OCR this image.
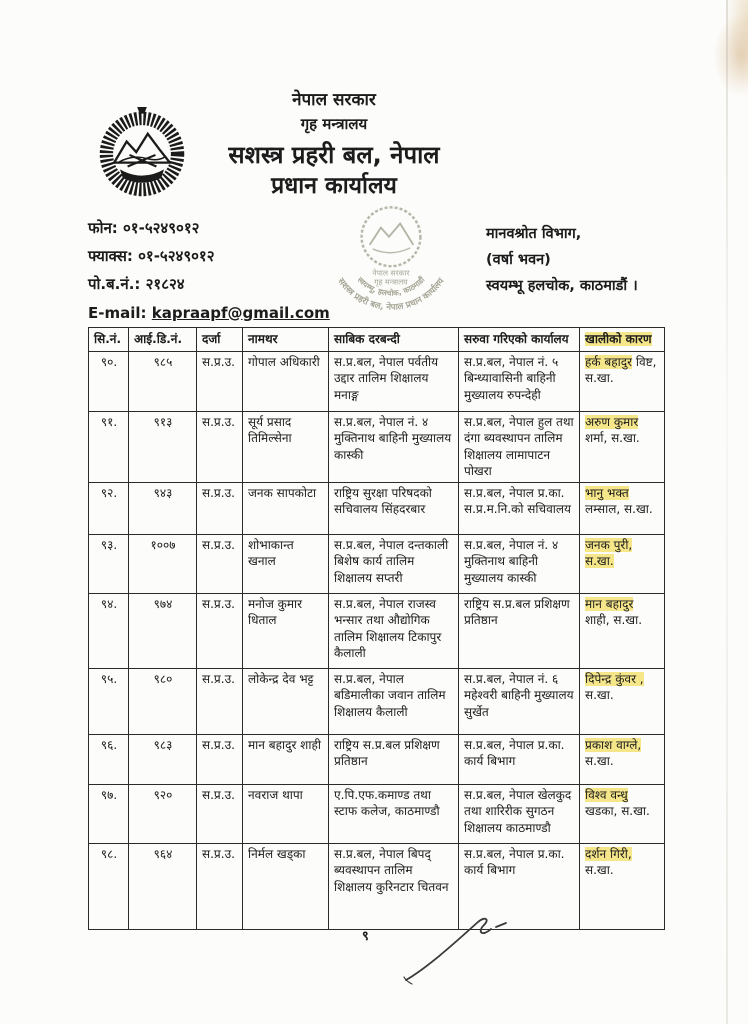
नेपाल सरकार
गृह मन्त्रालय
सशस्त्र प्रहरी बल, नेपाल
प्रधान कार्यालय
सशस्त्र प्रहरी बल, नेपाल प्रधान कार्यालय
स्वयम्भू, हलचोक, काठमाडौं
नेपाल सरकार
गृह मन्त्रालय
फोन: ०१-५२४९०१२
फ्याक्स: ०१-५२४९०१२
पो.ब.नं.: २१८२४
E-mail: kapraapf@gmail.com
मानवश्रोत विभाग,
(वर्षा भवन)
स्वयम्भू हलचोक, काठमाडौं ।
सि.नं.	आई.डि.नं.	दर्जा	नामथर	साबिक दरबन्दी	सरुवा गरिएको कार्यालय	खालीको कारण
९०.	९८५	स.प्र.उ.	गोपाल अधिकारी	स.प्र.बल, नेपाल पर्वतीय उद्दार तालिम शिक्षालय मनाङ्ग	स.प्र.बल, नेपाल नं. ५ बिन्ध्यावासिनी बाहिनी मुख्यालय रुपन्देही	हर्क बहादुर विष्ट, स.खा.
९१.	९१३	स.प्र.उ.	सूर्य प्रसाद तिमिल्सेना	स.प्र.बल, नेपाल नं. ४ मुक्तिनाथ बाहिनी मुख्यालय कास्की	स.प्र.बल, नेपाल हुल तथा दंगा ब्यवस्थापन तालिम शिक्षालय लामापाटन पोखरा	अरुण कुमार शर्मा, स.खा.
९२.	९४३	स.प्र.उ.	जनक सापकोटा	राष्ट्रिय सुरक्षा परिषदको सचिवालय सिंहदरबार	स.प्र.बल, नेपाल प्र.का. स.प्र.म.नि.को सचिवालय	भानु भक्त लम्साल, स.खा.
९३.	१००७	स.प्र.उ.	शोभाकान्त खनाल	स.प्र.बल, नेपाल दन्तकाली बिशेष कार्य तालिम शिक्षालय सप्तरी	स.प्र.बल, नेपाल नं. ४ मुक्तिनाथ बाहिनी मुख्यालय कास्की	जनक पुरी, स.खा.
९४.	९७४	स.प्र.उ.	मनोज कुमार धिताल	स.प्र.बल, नेपाल राजस्व भन्सार तथा औद्योगिक तालिम शिक्षालय टिकापुर कैलाली	राष्ट्रिय स.प्र.बल प्रशिक्षण प्रतिष्ठान	मान बहादुर शाही, स.खा.
९५.	९८०	स.प्र.उ.	लोकेन्द्र देव भट्ट	स.प्र.बल, नेपाल बडिमालीका जवान तालिम शिक्षालय कैलाली	स.प्र.बल, नेपाल नं. ६ महेश्वरी बाहिनी मुख्यालय सुर्खेत	दिपेन्द्र कुंवर , स.खा.
९६.	९८३	स.प्र.उ.	मान बहादुर शाही	राष्ट्रिय स.प्र.बल प्रशिक्षण प्रतिष्ठान	स.प्र.बल, नेपाल प्र.का. कार्य बिभाग	प्रकाश वाग्ले, स.खा.
९७.	९२०	स.प्र.उ.	नवराज थापा	ए.पि.एफ.कमाण्ड तथा स्टाफ कलेज, काठमाण्डौ	स.प्र.बल, नेपाल खेलकुद तथा शारिरीक सुगठन शिक्षालय काठमाण्डौ	विश्व वन्धु खडका, स.खा.
९८.	९६४	स.प्र.उ.	निर्मल खड्का	स.प्र.बल, नेपाल बिपद् ब्यवस्थापन तालिम शिक्षालय कुरिनटार चितवन	स.प्र.बल, नेपाल प्र.का. कार्य बिभाग	दर्शन गिरी, स.खा.
९
